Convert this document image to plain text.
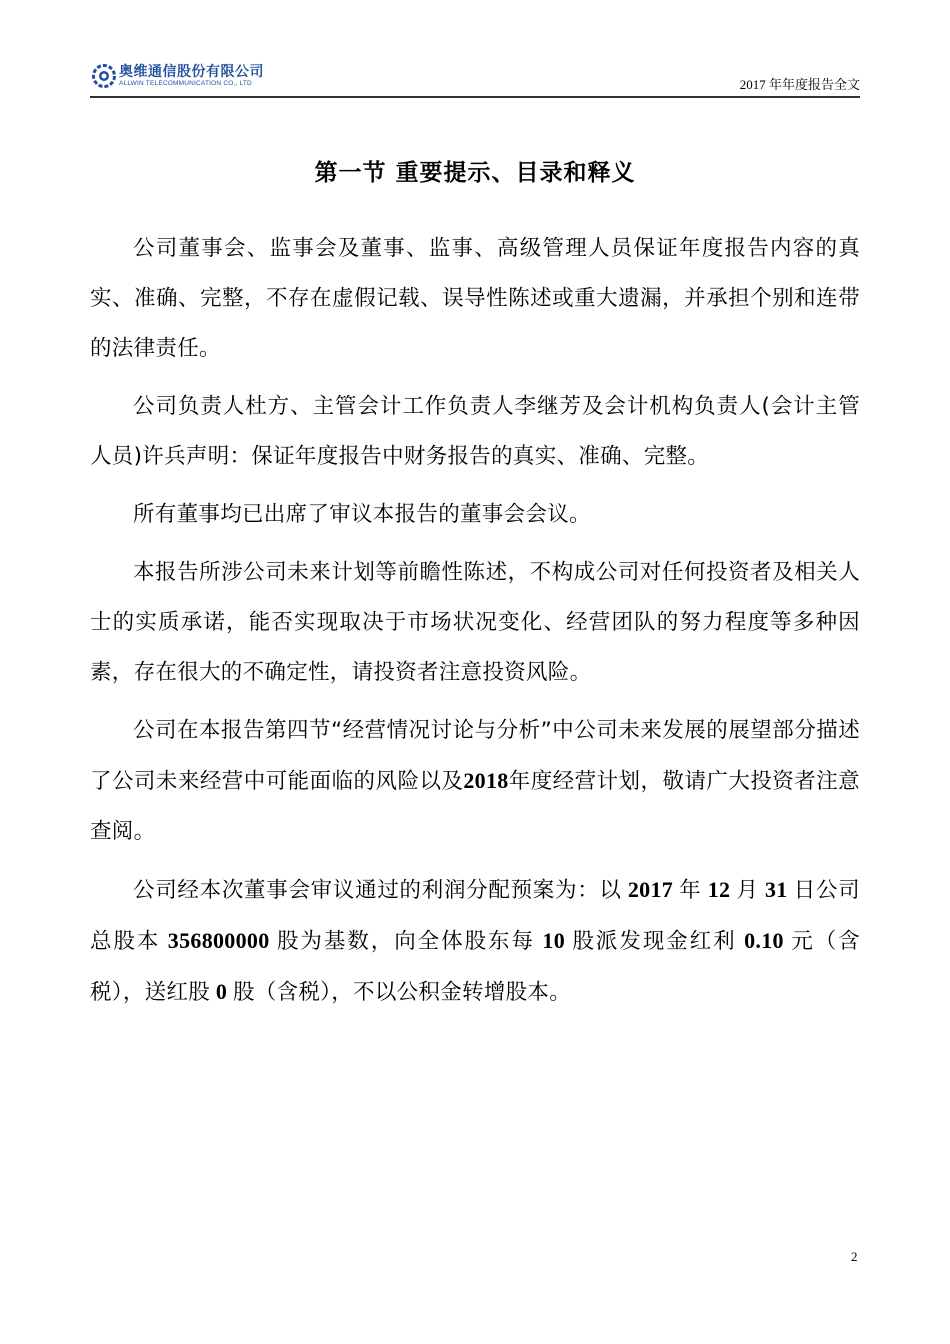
奥维通信股份有限公司
ALLWIN TELECOMMUNICATION CO., LTD	2017 年年度报告全文
第一节 重要提示、目录和释义

公司董事会、监事会及董事、监事、高级管理人员保证年度报告内容的真实、准确、完整，不存在虚假记载、误导性陈述或重大遗漏，并承担个别和连带的法律责任。

公司负责人杜方、主管会计工作负责人李继芳及会计机构负责人(会计主管人员)许兵声明：保证年度报告中财务报告的真实、准确、完整。

所有董事均已出席了审议本报告的董事会会议。

本报告所涉公司未来计划等前瞻性陈述，不构成公司对任何投资者及相关人士的实质承诺，能否实现取决于市场状况变化、经营团队的努力程度等多种因素，存在很大的不确定性，请投资者注意投资风险。

公司在本报告第四节“经营情况讨论与分析”中公司未来发展的展望部分描述了公司未来经营中可能面临的风险以及2018年度经营计划，敬请广大投资者注意查阅。

公司经本次董事会审议通过的利润分配预案为：以 2017 年 12 月 31 日公司总股本 356800000 股为基数，向全体股东每 10 股派发现金红利 0.10 元（含税），送红股 0 股（含税），不以公积金转增股本。

2
